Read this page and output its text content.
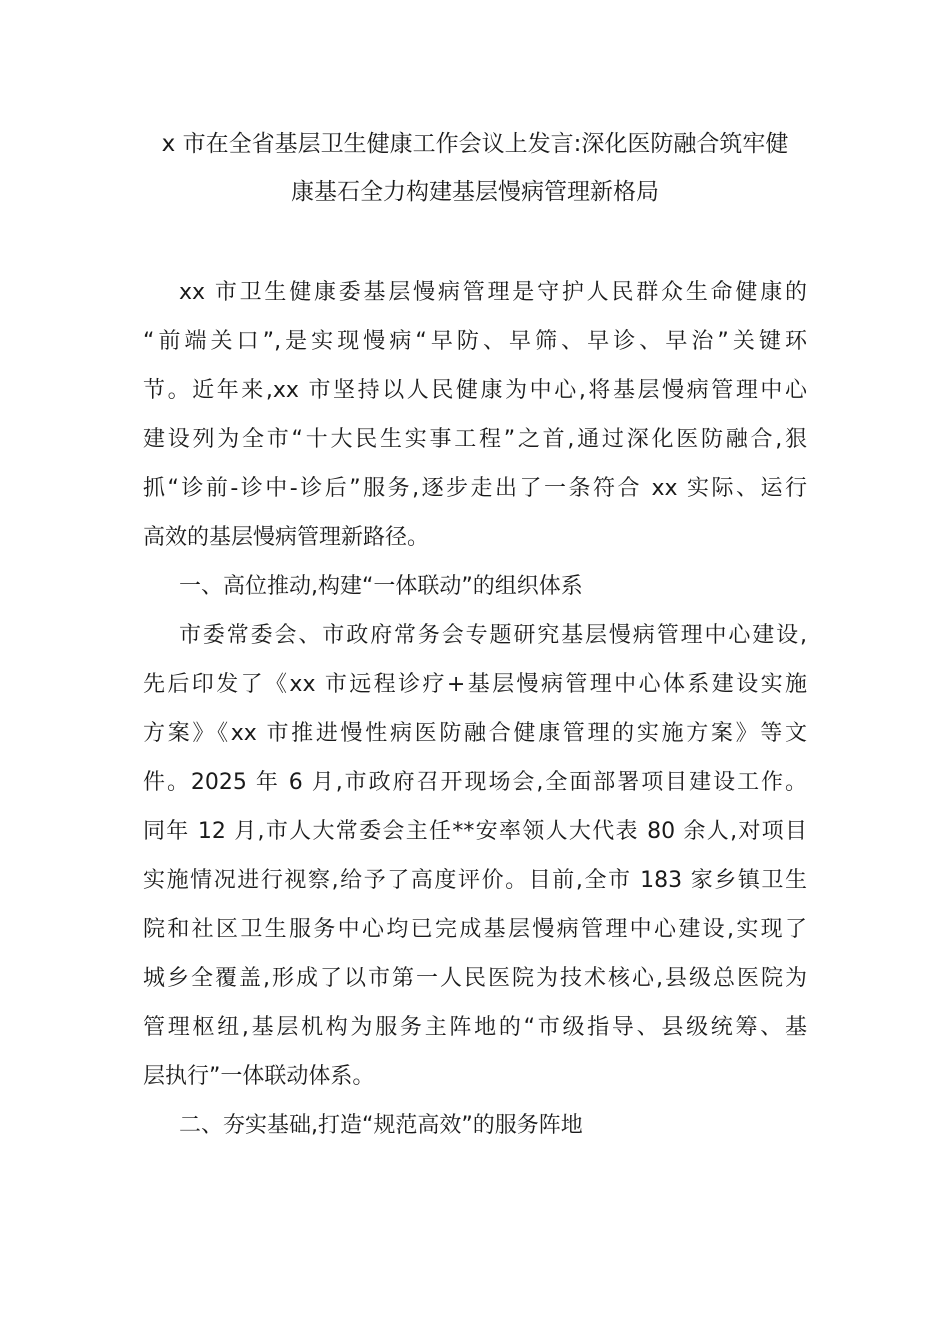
x 市在全省基层卫生健康工作会议上发言:深化医防融合筑牢健
康基石全力构建基层慢病管理新格局
xx 市卫生健康委基层慢病管理是守护人民群众生命健康的
“前端关口”,是实现慢病“早防、早筛、早诊、早治”关键环
节。近年来,xx 市坚持以人民健康为中心,将基层慢病管理中心
建设列为全市“十大民生实事工程”之首,通过深化医防融合,狠
抓“诊前-诊中-诊后”服务,逐步走出了一条符合 xx 实际、运行
高效的基层慢病管理新路径。
一、高位推动,构建“一体联动”的组织体系
市委常委会、市政府常务会专题研究基层慢病管理中心建设,
先后印发了《xx 市远程诊疗+基层慢病管理中心体系建设实施
方案》《xx 市推进慢性病医防融合健康管理的实施方案》等文
件。2025 年 6 月,市政府召开现场会,全面部署项目建设工作。
同年 12 月,市人大常委会主任**安率领人大代表 80 余人,对项目
实施情况进行视察,给予了高度评价。目前,全市 183 家乡镇卫生
院和社区卫生服务中心均已完成基层慢病管理中心建设,实现了
城乡全覆盖,形成了以市第一人民医院为技术核心,县级总医院为
管理枢纽,基层机构为服务主阵地的“市级指导、县级统筹、基
层执行”一体联动体系。
二、夯实基础,打造“规范高效”的服务阵地
